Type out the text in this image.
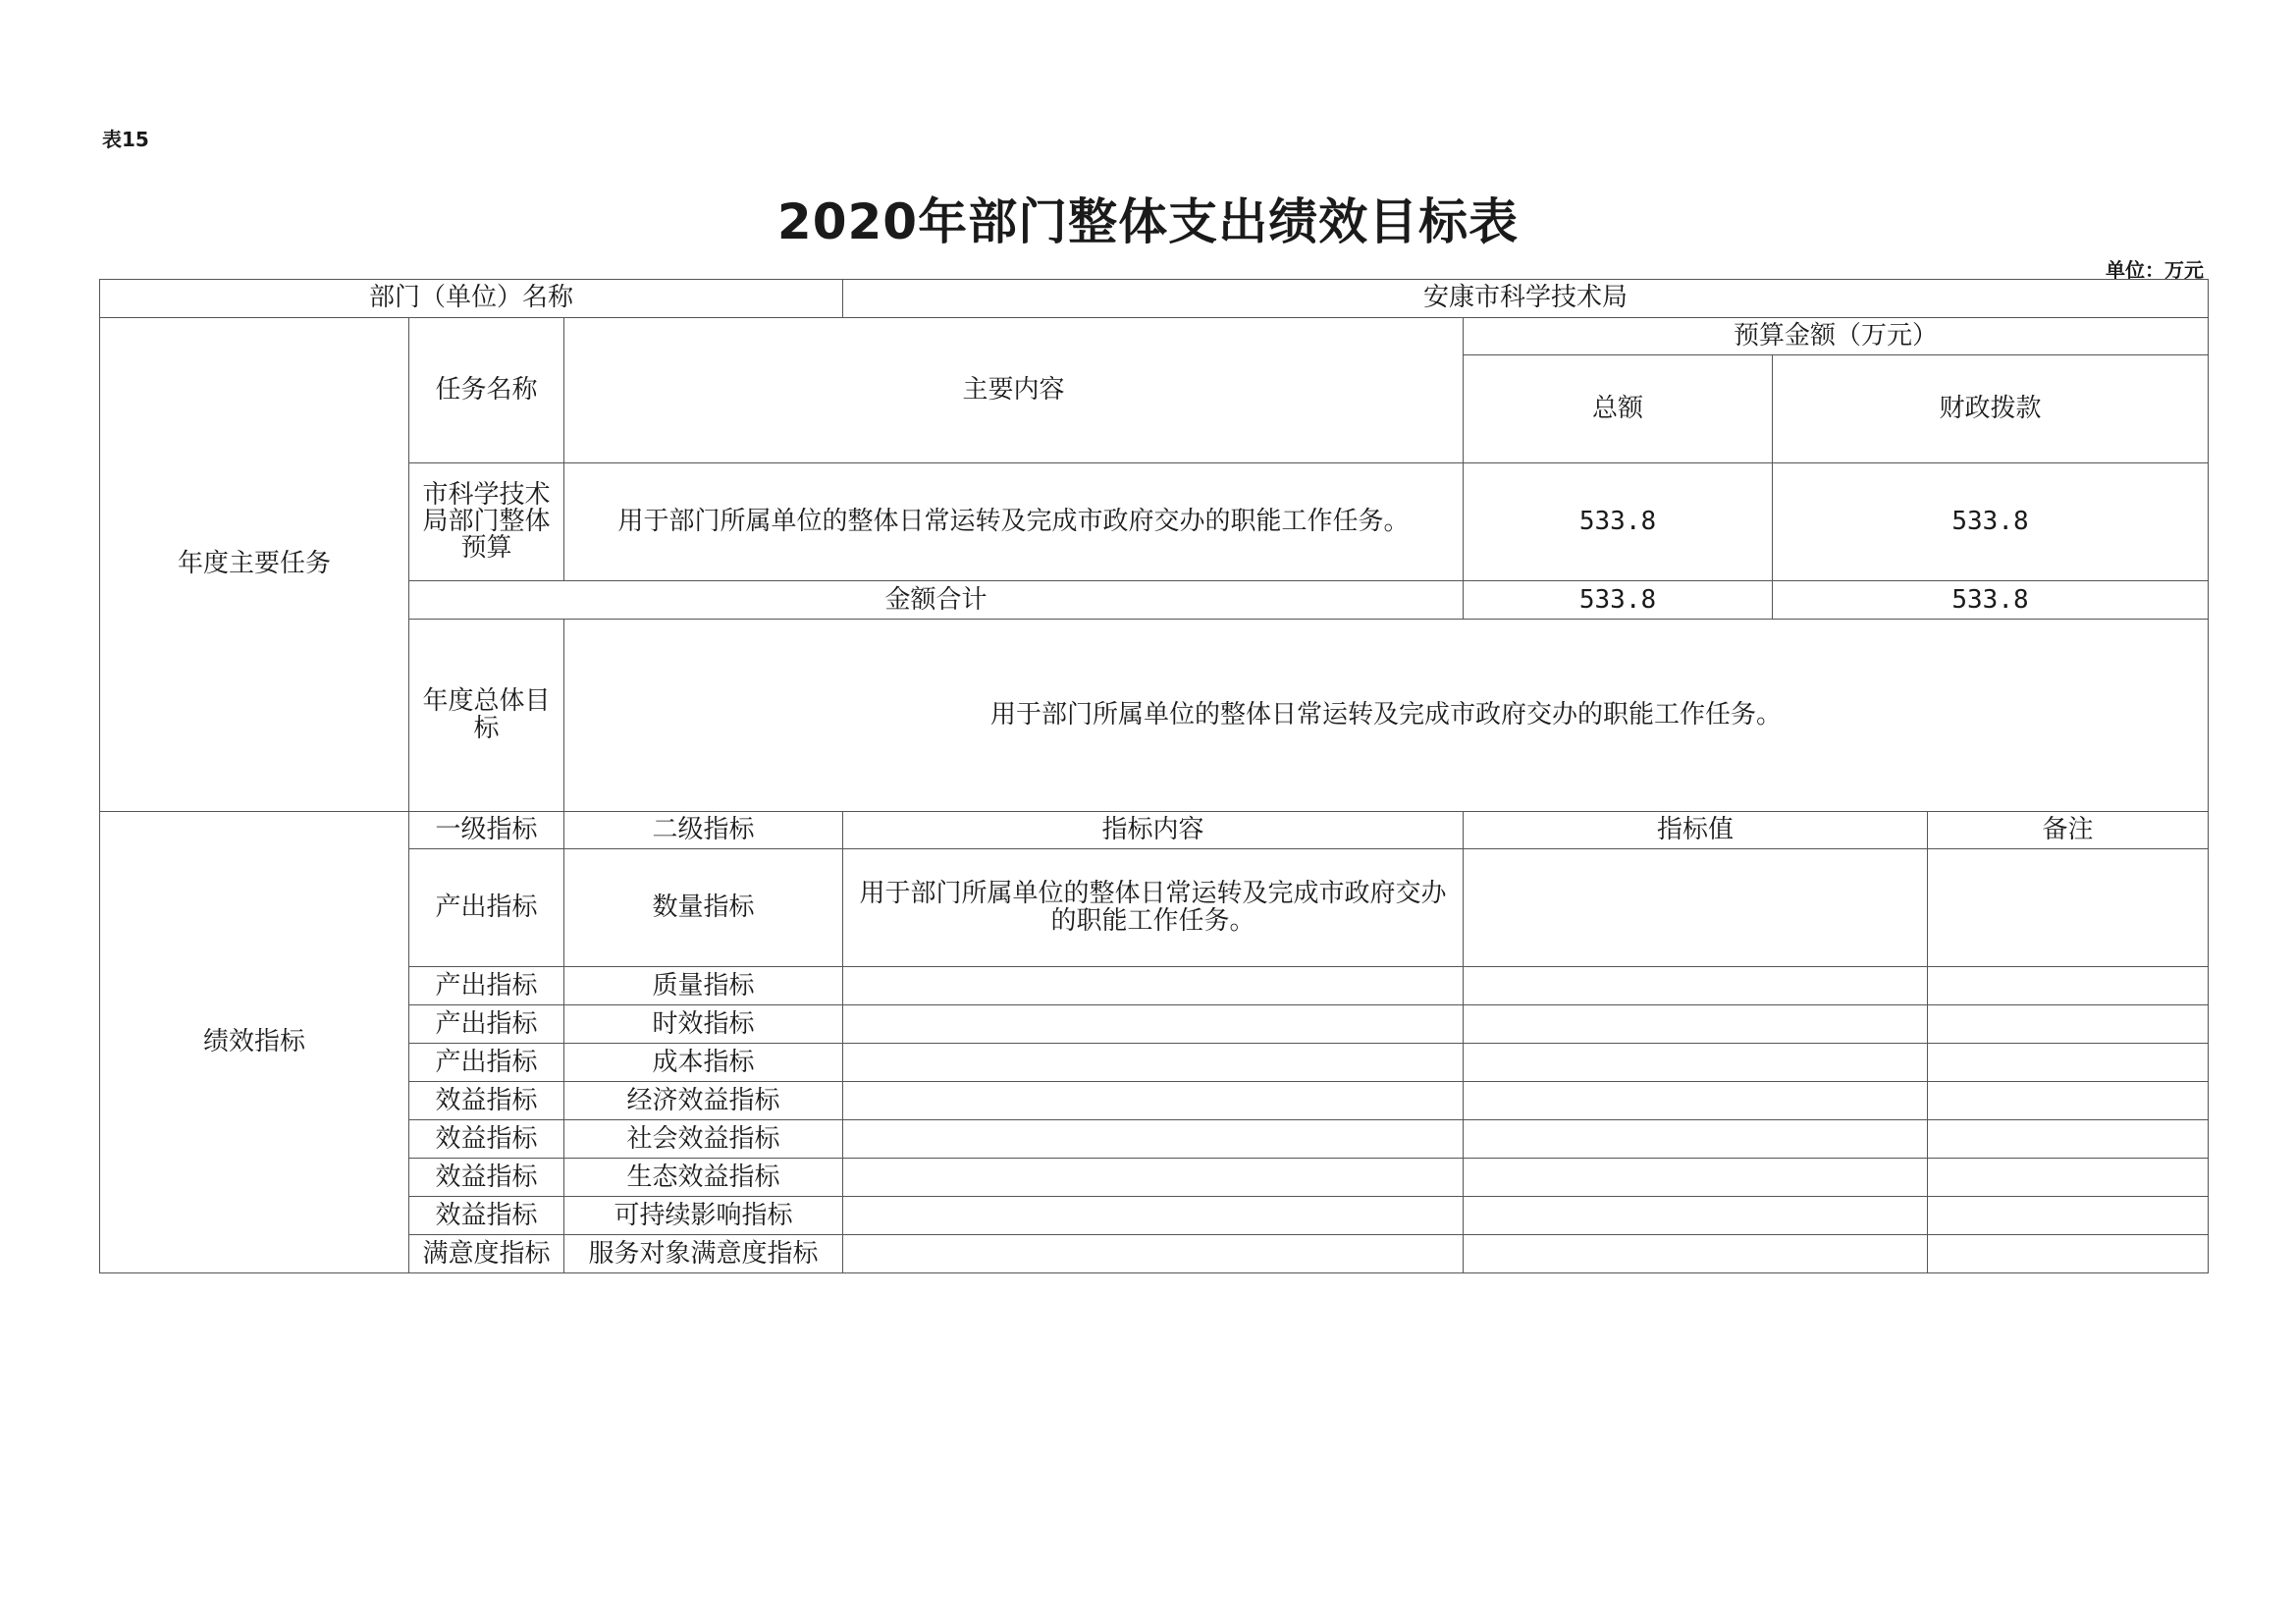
表15
2020年部门整体支出绩效目标表
单位：万元
部门（单位）名称			安康市科学技术局				
年度主要任务	任务名称	主要内容		预算金额（万元）			
				总额	财政拨款	
	市科学技术局部门整体预算	用于部门所属单位的整体日常运转及完成市政府交办的职能工作任务。		533.8	533.8		
	金额合计			533.8	533.8	
	年度总体目标	用于部门所属单位的整体日常运转及完成市政府交办的职能工作任务。					
绩效指标	一级指标	二级指标	指标内容	指标值		备注	
	产出指标	数量指标	用于部门所属单位的整体日常运转及完成市政府交办的职能工作任务。				
	产出指标	质量指标					
	产出指标	时效指标					
	产出指标	成本指标					
	效益指标	经济效益指标					
	效益指标	社会效益指标					
	效益指标	生态效益指标					
	效益指标	可持续影响指标					
	满意度指标	服务对象满意度指标					
